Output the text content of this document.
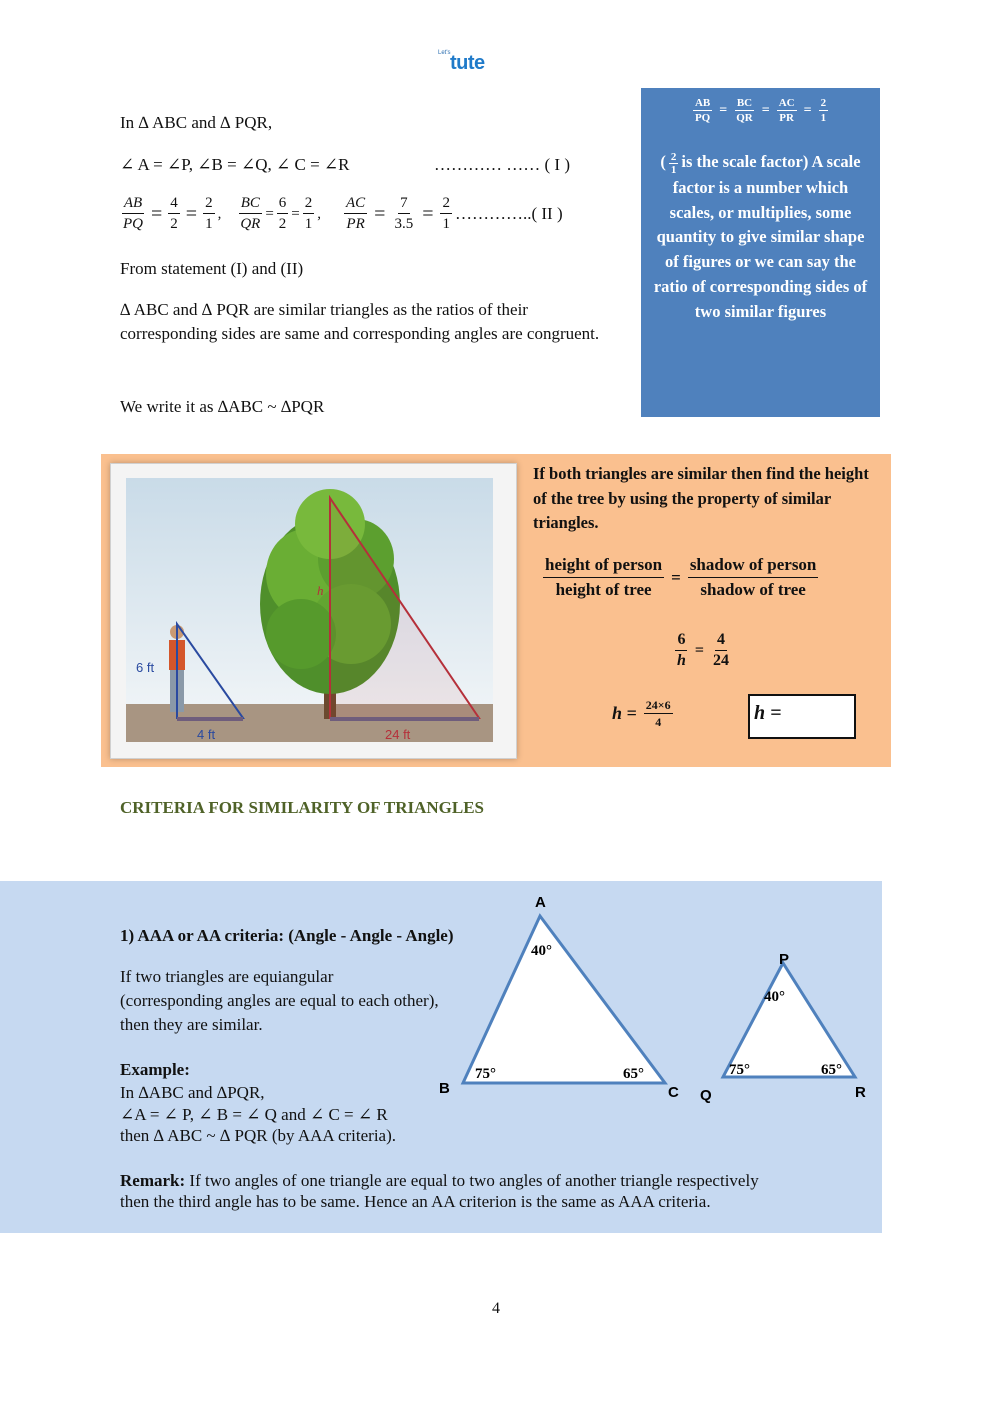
Let's tute
In ∆ ABC and ∆ PQR,
∠ A = ∠P, ∠B = ∠Q, ∠ C = ∠R	………… …… ( I )
$\frac{AB}{PQ} = \frac{4}{2} = \frac{2}{1}$ , $\frac{BC}{QR} = \frac{6}{2} = \frac{2}{1}$ , $\frac{AC}{PR} = \frac{7}{3.5} = \frac{2}{1}$ …………..( II )
From statement (I) and (II)
∆ ABC and ∆ PQR are similar triangles as the ratios of their corresponding sides are same and corresponding angles are congruent.
We write it as ∆ABC ~ ∆PQR
$\frac{AB}{PQ} = \frac{BC}{QR} = \frac{AC}{PR} = \frac{2}{1}$
( $\frac{2}{1}$ is the scale factor) A scale factor is a number which scales, or multiplies, some quantity to give similar shape of figures or we can say the ratio of corresponding sides of two similar figures
h
6 ft
4 ft	24 ft
If both triangles are similar then find the height of the tree by using the property of similar triangles.
$\frac{\text{height of person}}{\text{height of tree}} = \frac{\text{shadow of person}}{\text{shadow of tree}}$
$\frac{6}{h} = \frac{4}{24}$
$h = \frac{24\times 6}{4}$	h =
CRITERIA FOR SIMILARITY OF TRIANGLES
1) AAA or AA criteria: (Angle - Angle - Angle)
If two triangles are equiangular
(corresponding angles are equal to each other),
then they are similar.
Example:
In ∆ABC and ∆PQR,
∠A = ∠ P, ∠ B = ∠ Q and ∠ C = ∠ R
then ∆ ABC ~ ∆ PQR (by AAA criteria).
Remark: If two angles of one triangle are equal to two angles of another triangle respectively
then the third angle has to be same. Hence an AA criterion is the same as AAA criteria.
A
B	C
40°
75°	65°
P
Q	R
40°
75°	65°
4
